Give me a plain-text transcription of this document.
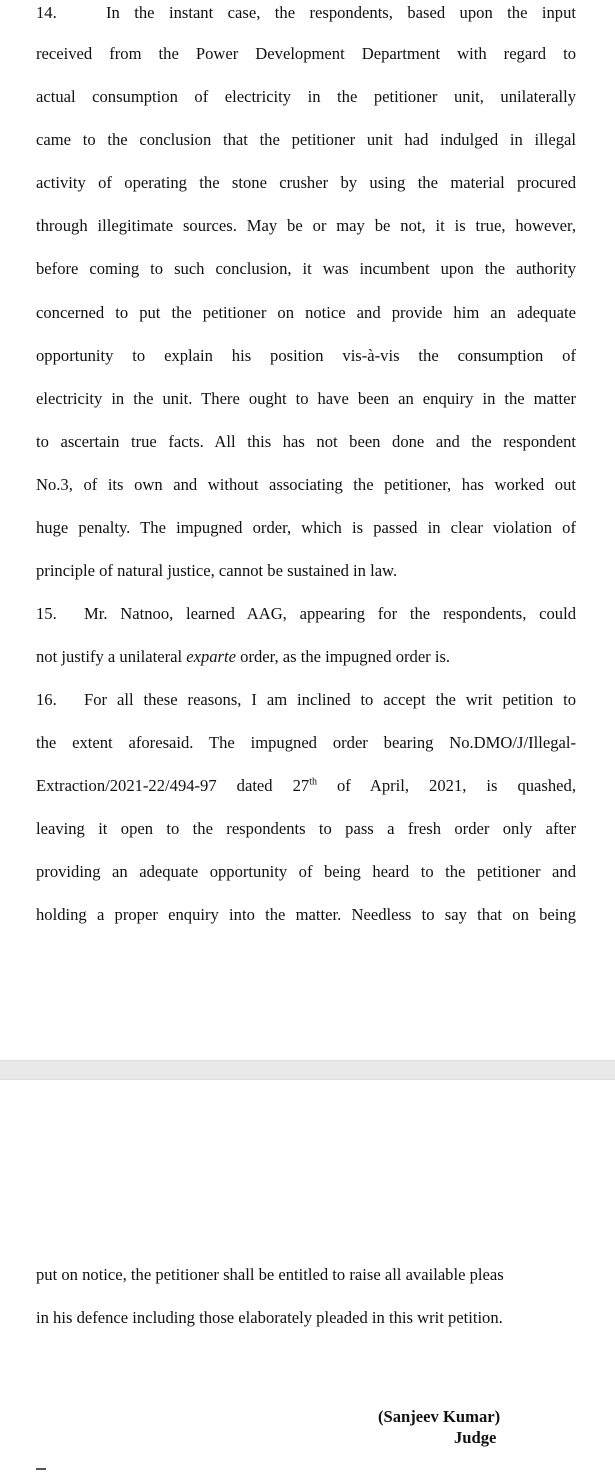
14.	In the instant case, the respondents, based upon the input
received from the Power Development Department with regard to
actual consumption of electricity in the petitioner unit, unilaterally
came to the conclusion that the petitioner unit had indulged in illegal
activity of operating the stone crusher by using the material procured
through illegitimate sources. May be or may be not, it is true, however,
before coming to such conclusion, it was incumbent upon the authority
concerned to put the petitioner on notice and provide him an adequate
opportunity to explain his position vis-à-vis the consumption of
electricity in the unit. There ought to have been an enquiry in the matter
to ascertain true facts. All this has not been done and the respondent
No.3, of its own and without associating the petitioner, has worked out
huge penalty. The impugned order, which is passed in clear violation of
principle of natural justice, cannot be sustained in law.
15. Mr. Natnoo, learned AAG, appearing for the respondents, could
not justify a unilateral exparte order, as the impugned order is.
16. For all these reasons, I am inclined to accept the writ petition to
the extent aforesaid. The impugned order bearing No.DMO/J/Illegal-
Extraction/2021-22/494-97 dated 27th of April, 2021, is quashed,
leaving it open to the respondents to pass a fresh order only after
providing an adequate opportunity of being heard to the petitioner and
holding a proper enquiry into the matter. Needless to say that on being
put on notice, the petitioner shall be entitled to raise all available pleas
in his defence including those elaborately pleaded in this writ petition.
(Sanjeev Kumar)
Judge
